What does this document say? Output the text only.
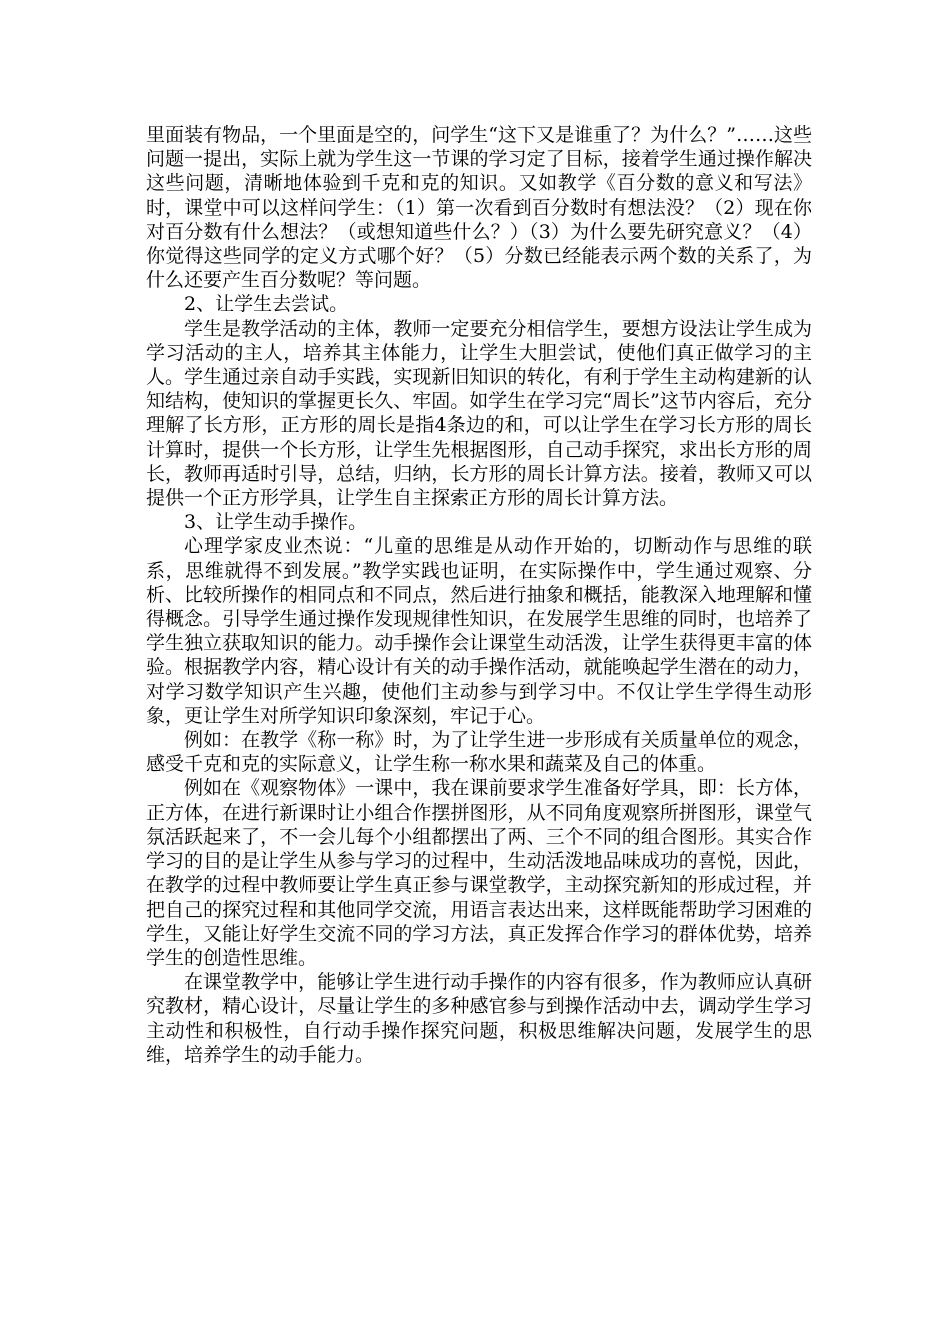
里面装有物品，一个里面是空的，问学生“这下又是谁重了？为什么？”……这些问题一提出，实际上就为学生这一节课的学习定了目标，接着学生通过操作解决这些问题，清晰地体验到千克和克的知识。又如教学《百分数的意义和写法》时，课堂中可以这样问学生：（1）第一次看到百分数时有想法没？（2）现在你对百分数有什么想法？（或想知道些什么？）（3）为什么要先研究意义？（4）你觉得这些同学的定义方式哪个好？（5）分数已经能表示两个数的关系了，为什么还要产生百分数呢？等问题。

2、让学生去尝试。

学生是教学活动的主体，教师一定要充分相信学生，要想方设法让学生成为学习活动的主人，培养其主体能力，让学生大胆尝试，使他们真正做学习的主人。学生通过亲自动手实践，实现新旧知识的转化，有利于学生主动构建新的认知结构，使知识的掌握更长久、牢固。如学生在学习完“周长”这节内容后，充分理解了长方形，正方形的周长是指4条边的和，可以让学生在学习长方形的周长计算时，提供一个长方形，让学生先根据图形，自己动手探究，求出长方形的周长，教师再适时引导，总结，归纳，长方形的周长计算方法。接着，教师又可以提供一个正方形学具，让学生自主探索正方形的周长计算方法。

3、让学生动手操作。

心理学家皮业杰说：“儿童的思维是从动作开始的，切断动作与思维的联系，思维就得不到发展。”教学实践也证明，在实际操作中，学生通过观察、分析、比较所操作的相同点和不同点，然后进行抽象和概括，能教深入地理解和懂得概念。引导学生通过操作发现规律性知识，在发展学生思维的同时，也培养了学生独立获取知识的能力。动手操作会让课堂生动活泼，让学生获得更丰富的体验。根据教学内容，精心设计有关的动手操作活动，就能唤起学生潜在的动力，对学习数学知识产生兴趣，使他们主动参与到学习中。不仅让学生学得生动形象，更让学生对所学知识印象深刻，牢记于心。

例如：在教学《称一称》时，为了让学生进一步形成有关质量单位的观念，感受千克和克的实际意义，让学生称一称水果和蔬菜及自己的体重。

例如在《观察物体》一课中，我在课前要求学生准备好学具，即：长方体，正方体，在进行新课时让小组合作摆拼图形，从不同角度观察所拼图形，课堂气氛活跃起来了，不一会儿每个小组都摆出了两、三个不同的组合图形。其实合作学习的目的是让学生从参与学习的过程中，生动活泼地品味成功的喜悦，因此，在教学的过程中教师要让学生真正参与课堂教学，主动探究新知的形成过程，并把自己的探究过程和其他同学交流，用语言表达出来，这样既能帮助学习困难的学生，又能让好学生交流不同的学习方法，真正发挥合作学习的群体优势，培养学生的创造性思维。

在课堂教学中，能够让学生进行动手操作的内容有很多，作为教师应认真研究教材，精心设计，尽量让学生的多种感官参与到操作活动中去，调动学生学习主动性和积极性，自行动手操作探究问题，积极思维解决问题，发展学生的思维，培养学生的动手能力。
